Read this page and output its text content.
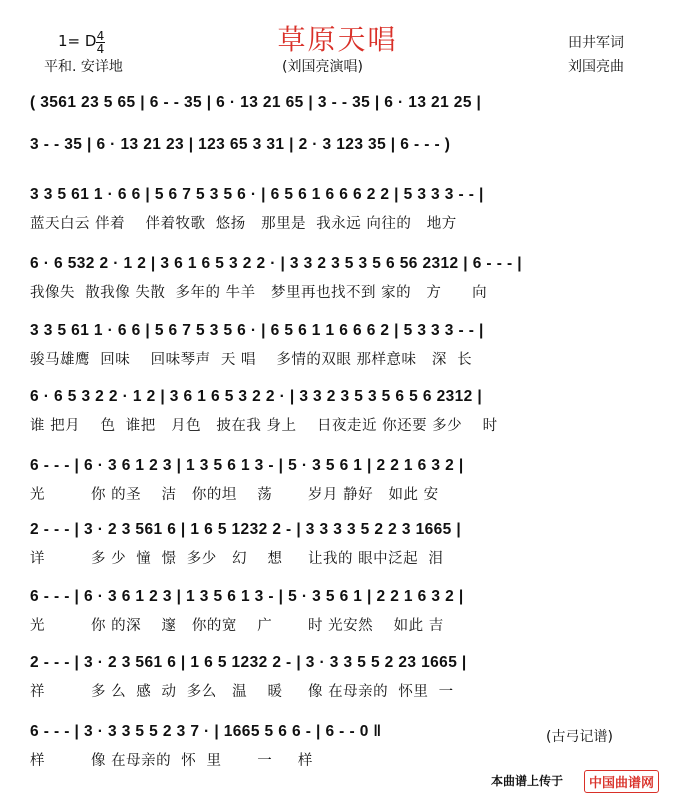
草原天唱
1= D 4
4
平和. 安详地	(刘国亮演唱)
田井军词
刘国亮曲
( 3561 23 5 65 | 6 - - 35 | 6 · 13 21 65 | 3 - - 35 | 6 · 13 21 25 |
3 - - 35 | 6 · 13 21 23 | 123 65 3 31 | 2 · 3 123 35 | 6 - - - )
3 3 5 61 1 · 6 6 | 5 6 7 5 3 5 6 · | 6 5 6 1 6 6 6 2 2 | 5 3 3 3 - - |
蓝天白云 伴着    伴着牧歌  悠扬   那里是  我永远 向往的   地方
6 · 6 532 2 · 1 2 | 3 6 1 6 5 3 2 2 · | 3 3 2 3 5 3 5 6 56 2312 | 6 - - - |
我像失  散我像 失散  多年的 牛羊   梦里再也找不到 家的   方      向
3 3 5 61 1 · 6 6 | 5 6 7 5 3 5 6 · | 6 5 6 1 1 6 6 6 2 | 5 3 3 3 - - |
骏马雄鹰  回味    回味琴声  天 唱    多情的双眼 那样意味   深  长
6 · 6 5 3 2 2 · 1 2 | 3 6 1 6 5 3 2 2 · | 3 3 2 3 5 3 5 6 5 6 2312 |
谁 把月    色  谁把   月色   披在我 身上    日夜走近 你还要 多少    时
6 - - - | 6 · 3 6 1 2 3 | 1 3 5 6 1 3 - | 5 · 3 5 6 1 | 2 2 1 6 3 2 |
光         你 的圣    洁   你的坦    荡       岁月 静好   如此 安
2 - - - | 3 · 2 3 561 6 | 1 6 5 1232 2 - | 3 3 3 3 5 2 2 3 1665 |
详         多 少  憧  憬  多少   幻    想     让我的 眼中泛起  泪
6 - - - | 6 · 3 6 1 2 3 | 1 3 5 6 1 3 - | 5 · 3 5 6 1 | 2 2 1 6 3 2 |
光         你 的深    邃   你的宽    广       时 光安然    如此 吉
2 - - - | 3 · 2 3 561 6 | 1 6 5 1232 2 - | 3 · 3 3 5 5 2 23 1665 |
祥         多 么  感  动  多么   温    暖     像 在母亲的  怀里  一
6 - - - | 3 · 3 3 5 5 2 3 7 · | 1665 5 6 6 - | 6 - - 0 ‖
样         像 在母亲的  怀  里       一     样
(古弓记谱)
本曲谱上传于	中国曲谱网
